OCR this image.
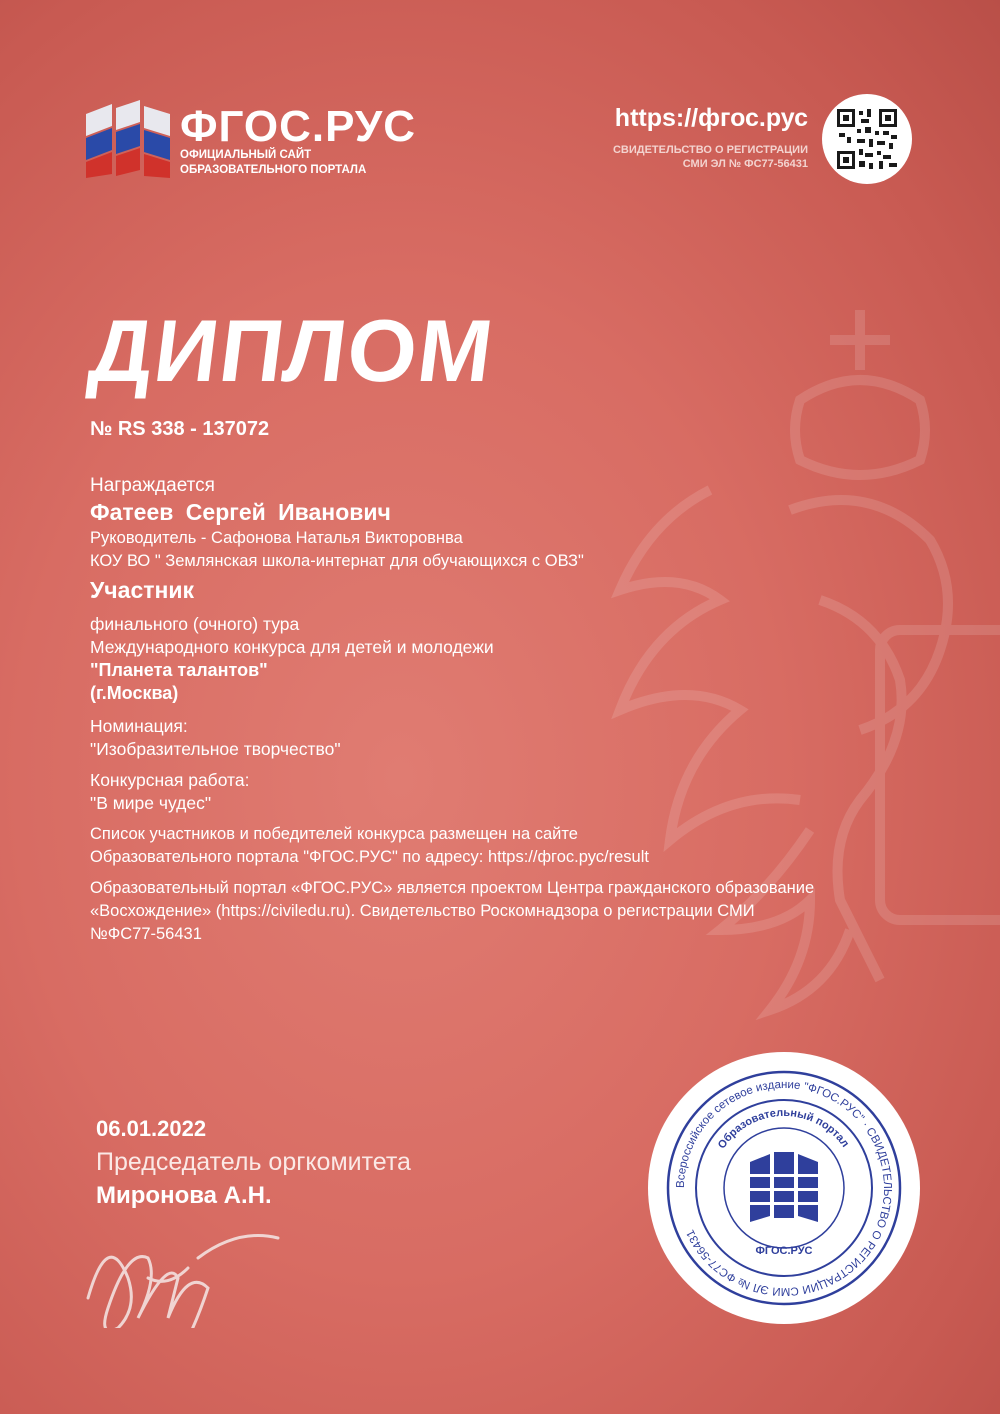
ФГОС.РУС
ОФИЦИАЛЬНЫЙ САЙТ
ОБРАЗОВАТЕЛЬНОГО ПОРТАЛА
https://фгос.рус
СВИДЕТЕЛЬСТВО О РЕГИСТРАЦИИ
СМИ ЭЛ № ФС77-56431
ДИПЛОМ
№ RS 338 - 137072
Награждается
Фатеев Сергей Иванович
Руководитель - Сафонова Наталья Викторовнва
КОУ ВО " Землянская школа-интернат для обучающихся с ОВЗ"
Участник
финального (очного) тура
Международного конкурса для детей и молодежи
"Планета талантов"
(г.Москва)
Номинация:
"Изобразительное творчество"
Конкурсная работа:
"В мире чудес"
Список участников и победителей конкурса размещен на сайте
Образовательного портала "ФГОС.РУС" по адресу: https://фгос.рус/result
Образовательный портал «ФГОС.РУС» является проектом Центра гражданского образование
«Восхождение» (https://civiledu.ru). Свидетельство Роскомнадзора о регистрации СМИ
№ФС77-56431
06.01.2022
Председатель оргкомитета
Миронова А.Н.	Всероссийское сетевое издание "ФГОС.РУС" · СВИДЕТЕЛЬСТВО О РЕГИСТРАЦИИ СМИ ЭЛ № ФС77-56431
Образовательный портал
ФГОС.РУС
